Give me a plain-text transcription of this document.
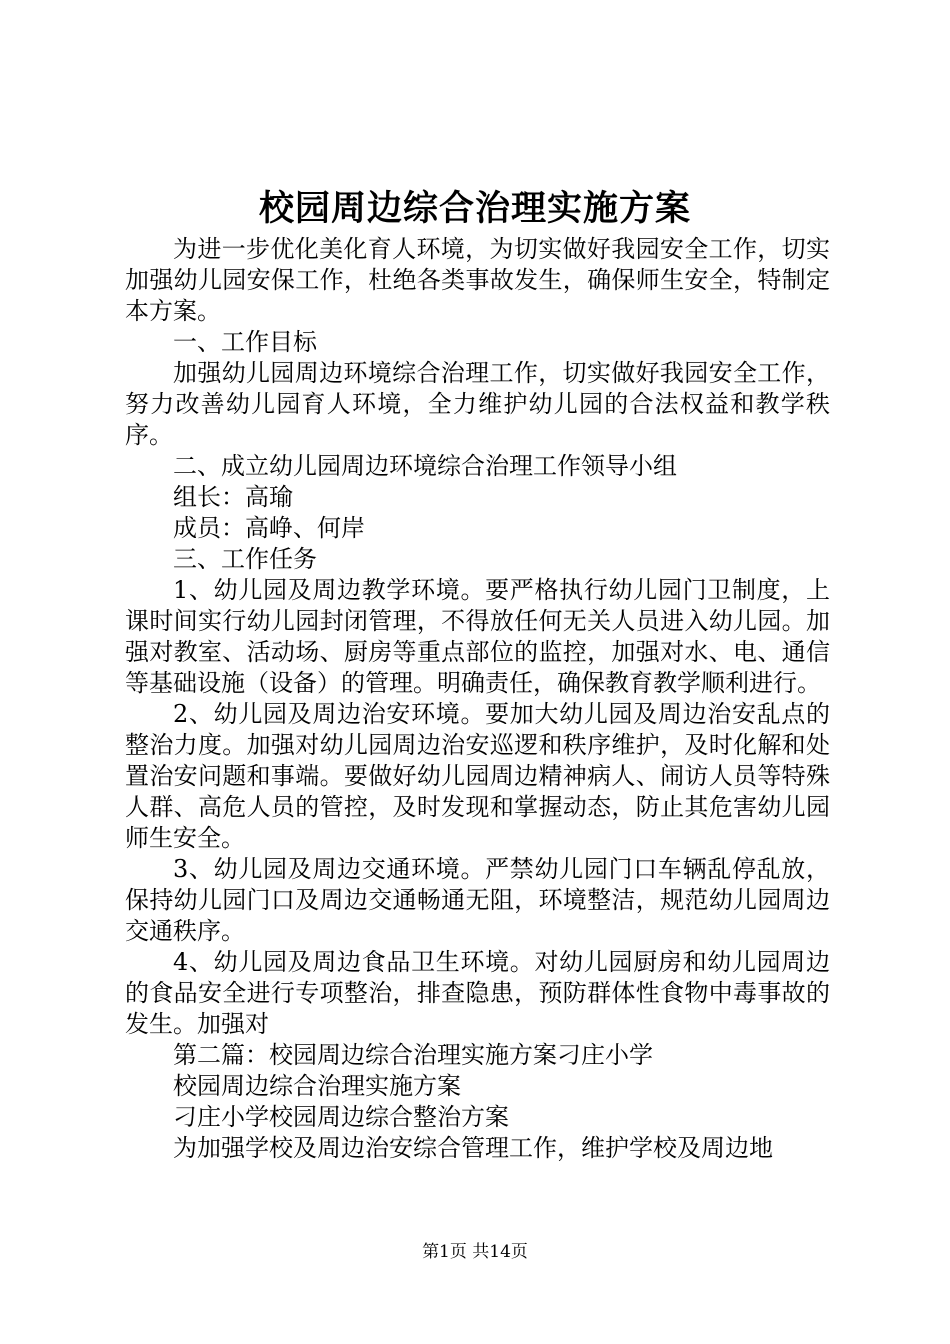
校园周边综合治理实施方案

为进一步优化美化育人环境，为切实做好我园安全工作，切实加强幼儿园安保工作，杜绝各类事故发生，确保师生安全，特制定本方案。

一、工作目标

加强幼儿园周边环境综合治理工作，切实做好我园安全工作，努力改善幼儿园育人环境，全力维护幼儿园的合法权益和教学秩序。

二、成立幼儿园周边环境综合治理工作领导小组

组长：高瑜

成员：高峥、何岸

三、工作任务

1、幼儿园及周边教学环境。要严格执行幼儿园门卫制度，上课时间实行幼儿园封闭管理，不得放任何无关人员进入幼儿园。加强对教室、活动场、厨房等重点部位的监控，加强对水、电、通信等基础设施（设备）的管理。明确责任，确保教育教学顺利进行。

2、幼儿园及周边治安环境。要加大幼儿园及周边治安乱点的整治力度。加强对幼儿园周边治安巡逻和秩序维护，及时化解和处置治安问题和事端。要做好幼儿园周边精神病人、闹访人员等特殊人群、高危人员的管控，及时发现和掌握动态，防止其危害幼儿园师生安全。

3、幼儿园及周边交通环境。严禁幼儿园门口车辆乱停乱放，保持幼儿园门口及周边交通畅通无阻，环境整洁，规范幼儿园周边交通秩序。

4、幼儿园及周边食品卫生环境。对幼儿园厨房和幼儿园周边的食品安全进行专项整治，排查隐患，预防群体性食物中毒事故的发生。加强对

第二篇：校园周边综合治理实施方案刁庄小学

校园周边综合治理实施方案

刁庄小学校园周边综合整治方案

为加强学校及周边治安综合管理工作，维护学校及周边地

第1页 共14页
